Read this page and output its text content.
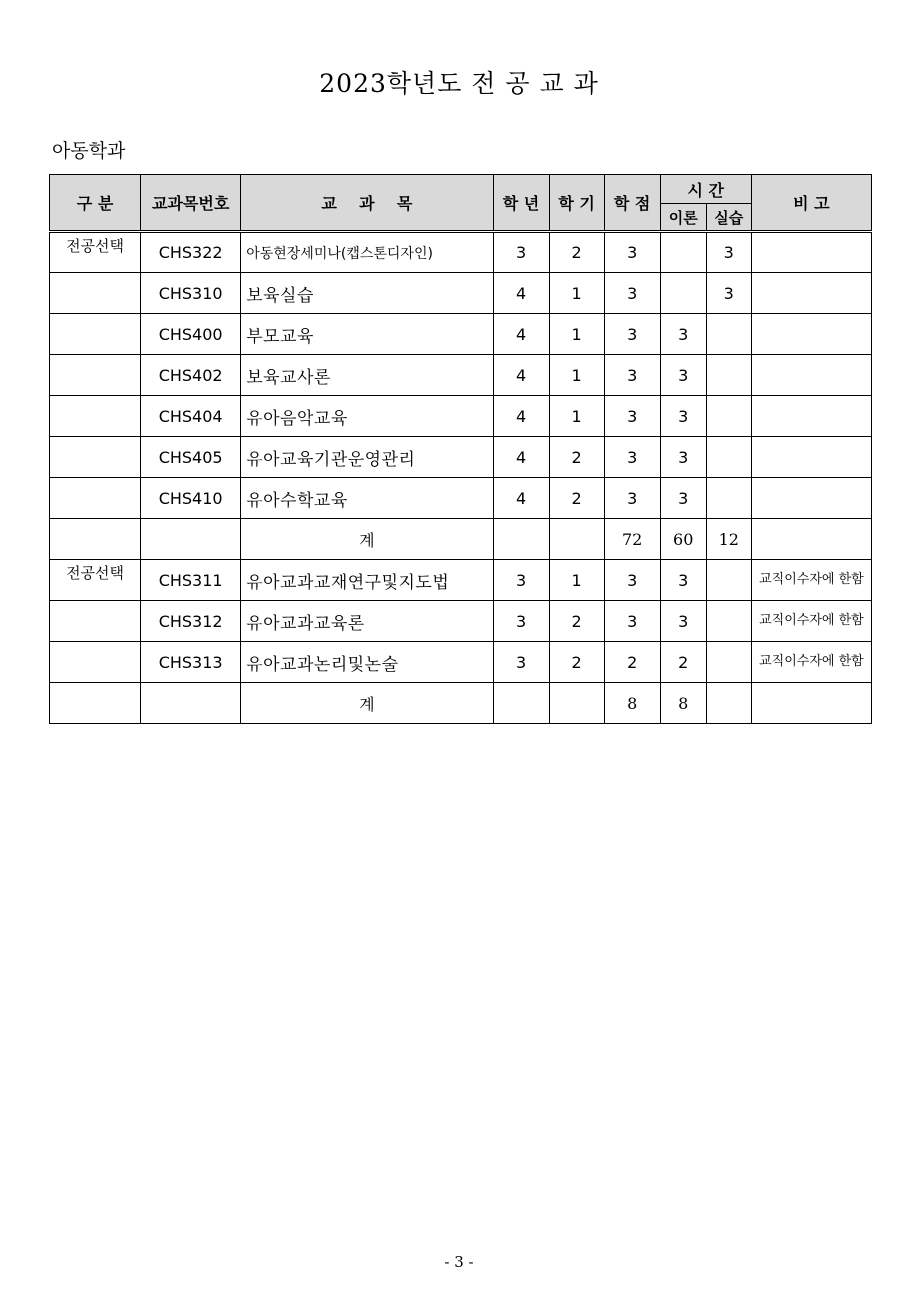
2023학년도 전 공 교 과
아동학과
구 분	교과목번호	교    과    목	학 년	학 기	학 점	시 간		비 고
						이론	실습	
전공선택	CHS322	아동현장세미나(캡스톤디자인)	3	2	3		3	
	CHS310	보육실습	4	1	3		3	
	CHS400	부모교육	4	1	3	3		
	CHS402	보육교사론	4	1	3	3		
	CHS404	유아음악교육	4	1	3	3		
	CHS405	유아교육기관운영관리	4	2	3	3		
	CHS410	유아수학교육	4	2	3	3		
		계			72	60	12	
전공선택	CHS311	유아교과교재연구및지도법	3	1	3	3		교직이수자에 한함
	CHS312	유아교과교육론	3	2	3	3		교직이수자에 한함
	CHS313	유아교과논리및논술	3	2	2	2		교직이수자에 한함
		계			8	8		
- 3 -
